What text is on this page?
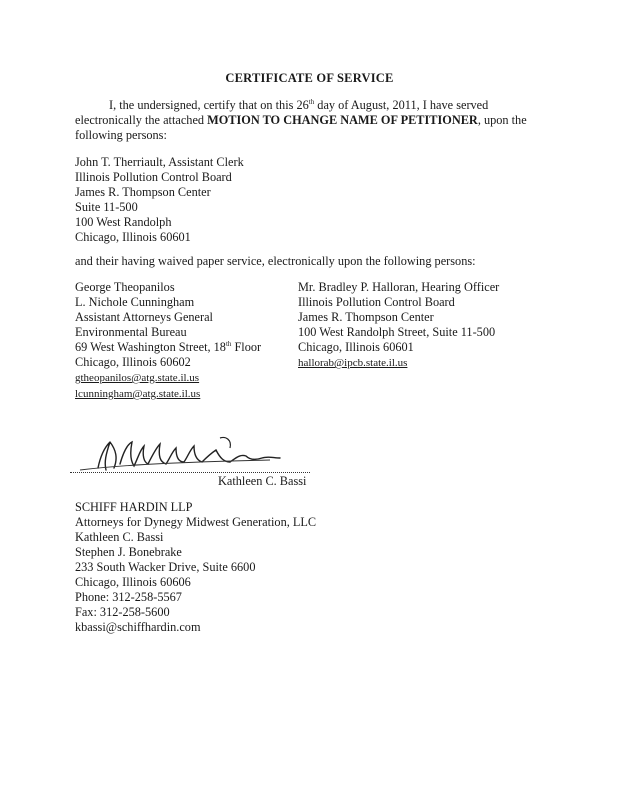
CERTIFICATE OF SERVICE

I, the undersigned, certify that on this 26th day of August, 2011, I have served electronically the attached MOTION TO CHANGE NAME OF PETITIONER, upon the following persons:

John T. Therriault, Assistant Clerk
Illinois Pollution Control Board
James R. Thompson Center
Suite 11-500
100 West Randolph
Chicago, Illinois 60601
and their having waived paper service, electronically upon the following persons:
George Theopanilos
L. Nichole Cunningham
Assistant Attorneys General
Environmental Bureau
69 West Washington Street, 18th Floor
Chicago, Illinois 60602
gtheopanilos@atg.state.il.us
lcunningham@atg.state.il.us
Mr. Bradley P. Halloran, Hearing Officer
Illinois Pollution Control Board
James R. Thompson Center
100 West Randolph Street, Suite 11-500
Chicago, Illinois 60601
hallorab@ipcb.state.il.us
Kathleen C. Bassi
SCHIFF HARDIN LLP
Attorneys for Dynegy Midwest Generation, LLC
Kathleen C. Bassi
Stephen J. Bonebrake
233 South Wacker Drive, Suite 6600
Chicago, Illinois 60606
Phone: 312-258-5567
Fax: 312-258-5600
kbassi@schiffhardin.com
